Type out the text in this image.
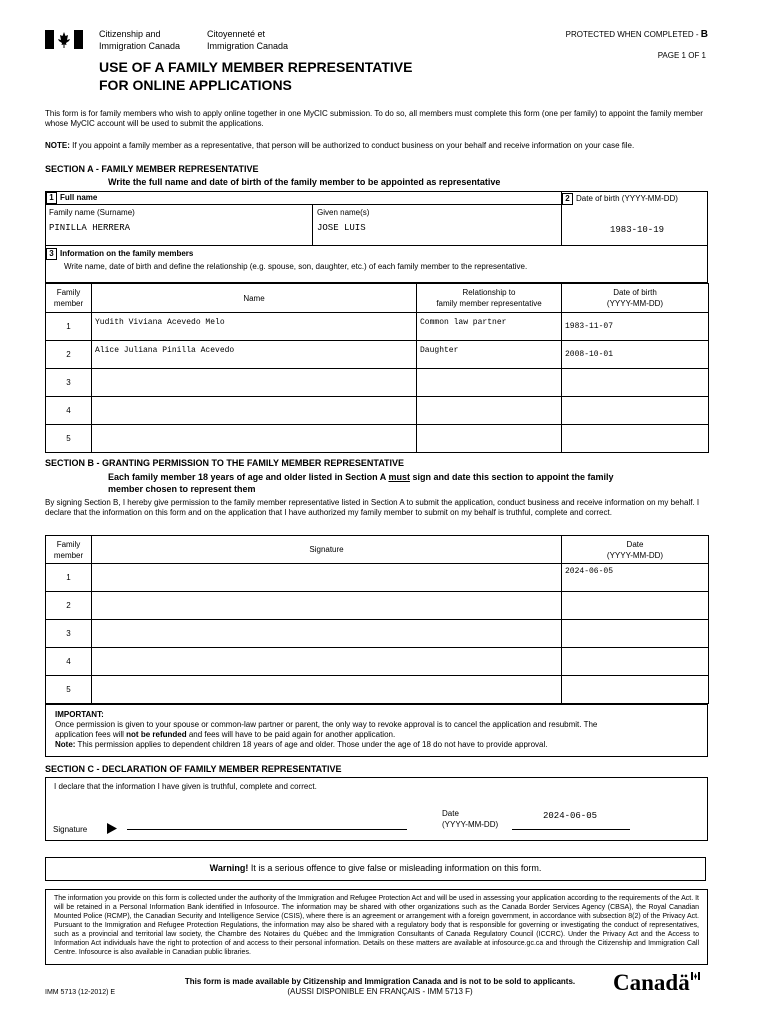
Citizenship and
Immigration Canada
Citoyenneté et
Immigration Canada
PROTECTED WHEN COMPLETED - B
PAGE 1 OF 1
USE OF A FAMILY MEMBER REPRESENTATIVE
FOR ONLINE APPLICATIONS
This form is for family members who wish to apply online together in one MyCIC submission. To do so, all members must complete this form (one per family) to appoint the family member whose MyCIC account will be used to submit the applications.
NOTE: If you appoint a family member as a representative, that person will be authorized to conduct business on your behalf and receive information on your case file.
SECTION A - FAMILY MEMBER REPRESENTATIVE
Write the full name and date of birth of the family member to be appointed as representative
1 Full name
Family name (Surname)
PINILLA HERRERA
Given name(s)
JOSE LUIS
2 Date of birth (YYYY-MM-DD)
1983-10-19
3 Information on the family members
Write name, date of birth and define the relationship (e.g. spouse, son, daughter, etc.) of each family member to the representative.
Family member	Name	Relationship to
family member representative	Date of birth
(YYYY-MM-DD)
1	Yudith Viviana Acevedo Melo	Common law partner	1983-11-07
2	Alice Juliana Pinilla Acevedo	Daughter	2008-10-01
3			
4			
5			
SECTION B - GRANTING PERMISSION TO THE FAMILY MEMBER REPRESENTATIVE
Each family member 18 years of age and older listed in Section A must sign and date this section to appoint the family
member chosen to represent them
By signing Section B, I hereby give permission to the family member representative listed in Section A to submit the application, conduct business and receive information on my behalf. I declare that the information on this form and on the application that I have authorized my family member to submit on my behalf is truthful, complete and correct.
Family member	Signature	Date
(YYYY-MM-DD)
1		2024-06-05
2		
3		
4		
5		
IMPORTANT:
Once permission is given to your spouse or common-law partner or parent, the only way to revoke approval is to cancel the application and resubmit. The
application fees will not be refunded and fees will have to be paid again for another application.
Note: This permission applies to dependent children 18 years of age and older. Those under the age of 18 do not have to provide approval.
SECTION C - DECLARATION OF FAMILY MEMBER REPRESENTATIVE
I declare that the information I have given is truthful, complete and correct.
Signature
Date
(YYYY-MM-DD)
2024-06-05
Warning! It is a serious offence to give false or misleading information on this form.
The information you provide on this form is collected under the authority of the Immigration and Refugee Protection Act and will be used in assessing your application according to the requirements of the Act. It will be retained in a Personal Information Bank identified in Infosource. The information may be shared with other organizations such as the Canada Border Services Agency (CBSA), the Royal Canadian Mounted Police (RCMP), the Canadian Security and Intelligence Service (CSIS), where there is an agreement or arrangement with a foreign government, in accordance with subsection 8(2) of the Privacy Act. Pursuant to the Immigration and Refugee Protection Regulations, the information may also be shared with a regulatory body that is responsible for governing or investigating the conduct of representatives, such as a provincial and territorial law society, the Chambre des Notaires du Québec and the Immigration Consultants of Canada Regulatory Council (ICCRC). Under the Privacy Act and the Access to Information Act individuals have the right to protection of and access to their personal information. Details on these matters are available at infosource.gc.ca and through the Citizenship and Immigration Call Centre. Infosource is also available in Canadian public libraries.
IMM 5713 (12-2012) E
This form is made available by Citizenship and Immigration Canada and is not to be sold to applicants.
(AUSSI DISPONIBLE EN FRANÇAIS - IMM 5713 F)	Canadä
